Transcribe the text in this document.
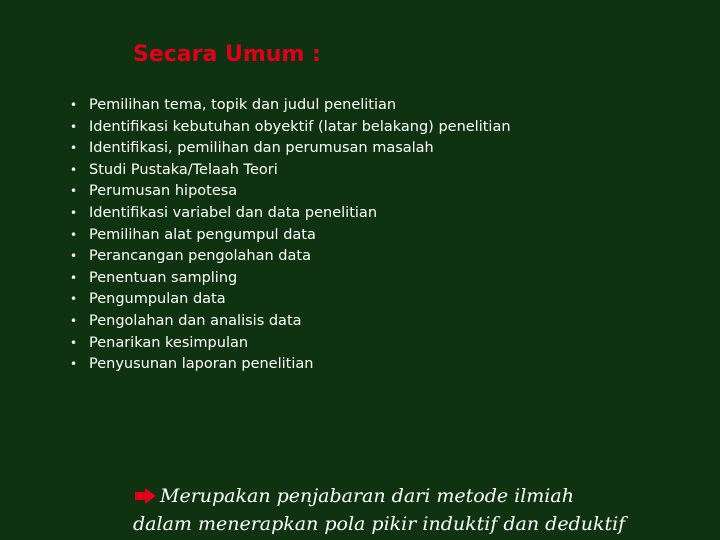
Secara Umum :
• Pemilihan tema, topik dan judul penelitian
• Identifikasi kebutuhan obyektif (latar belakang) penelitian
• Identifikasi, pemilihan dan perumusan masalah
• Studi Pustaka/Telaah Teori
• Perumusan hipotesa
• Identifikasi variabel dan data penelitian
• Pemilihan alat pengumpul data
• Perancangan pengolahan data
• Penentuan sampling
• Pengumpulan data
• Pengolahan dan analisis data
• Penarikan kesimpulan
• Penyusunan laporan penelitian
Merupakan penjabaran dari metode ilmiah
dalam menerapkan pola pikir induktif dan deduktif
